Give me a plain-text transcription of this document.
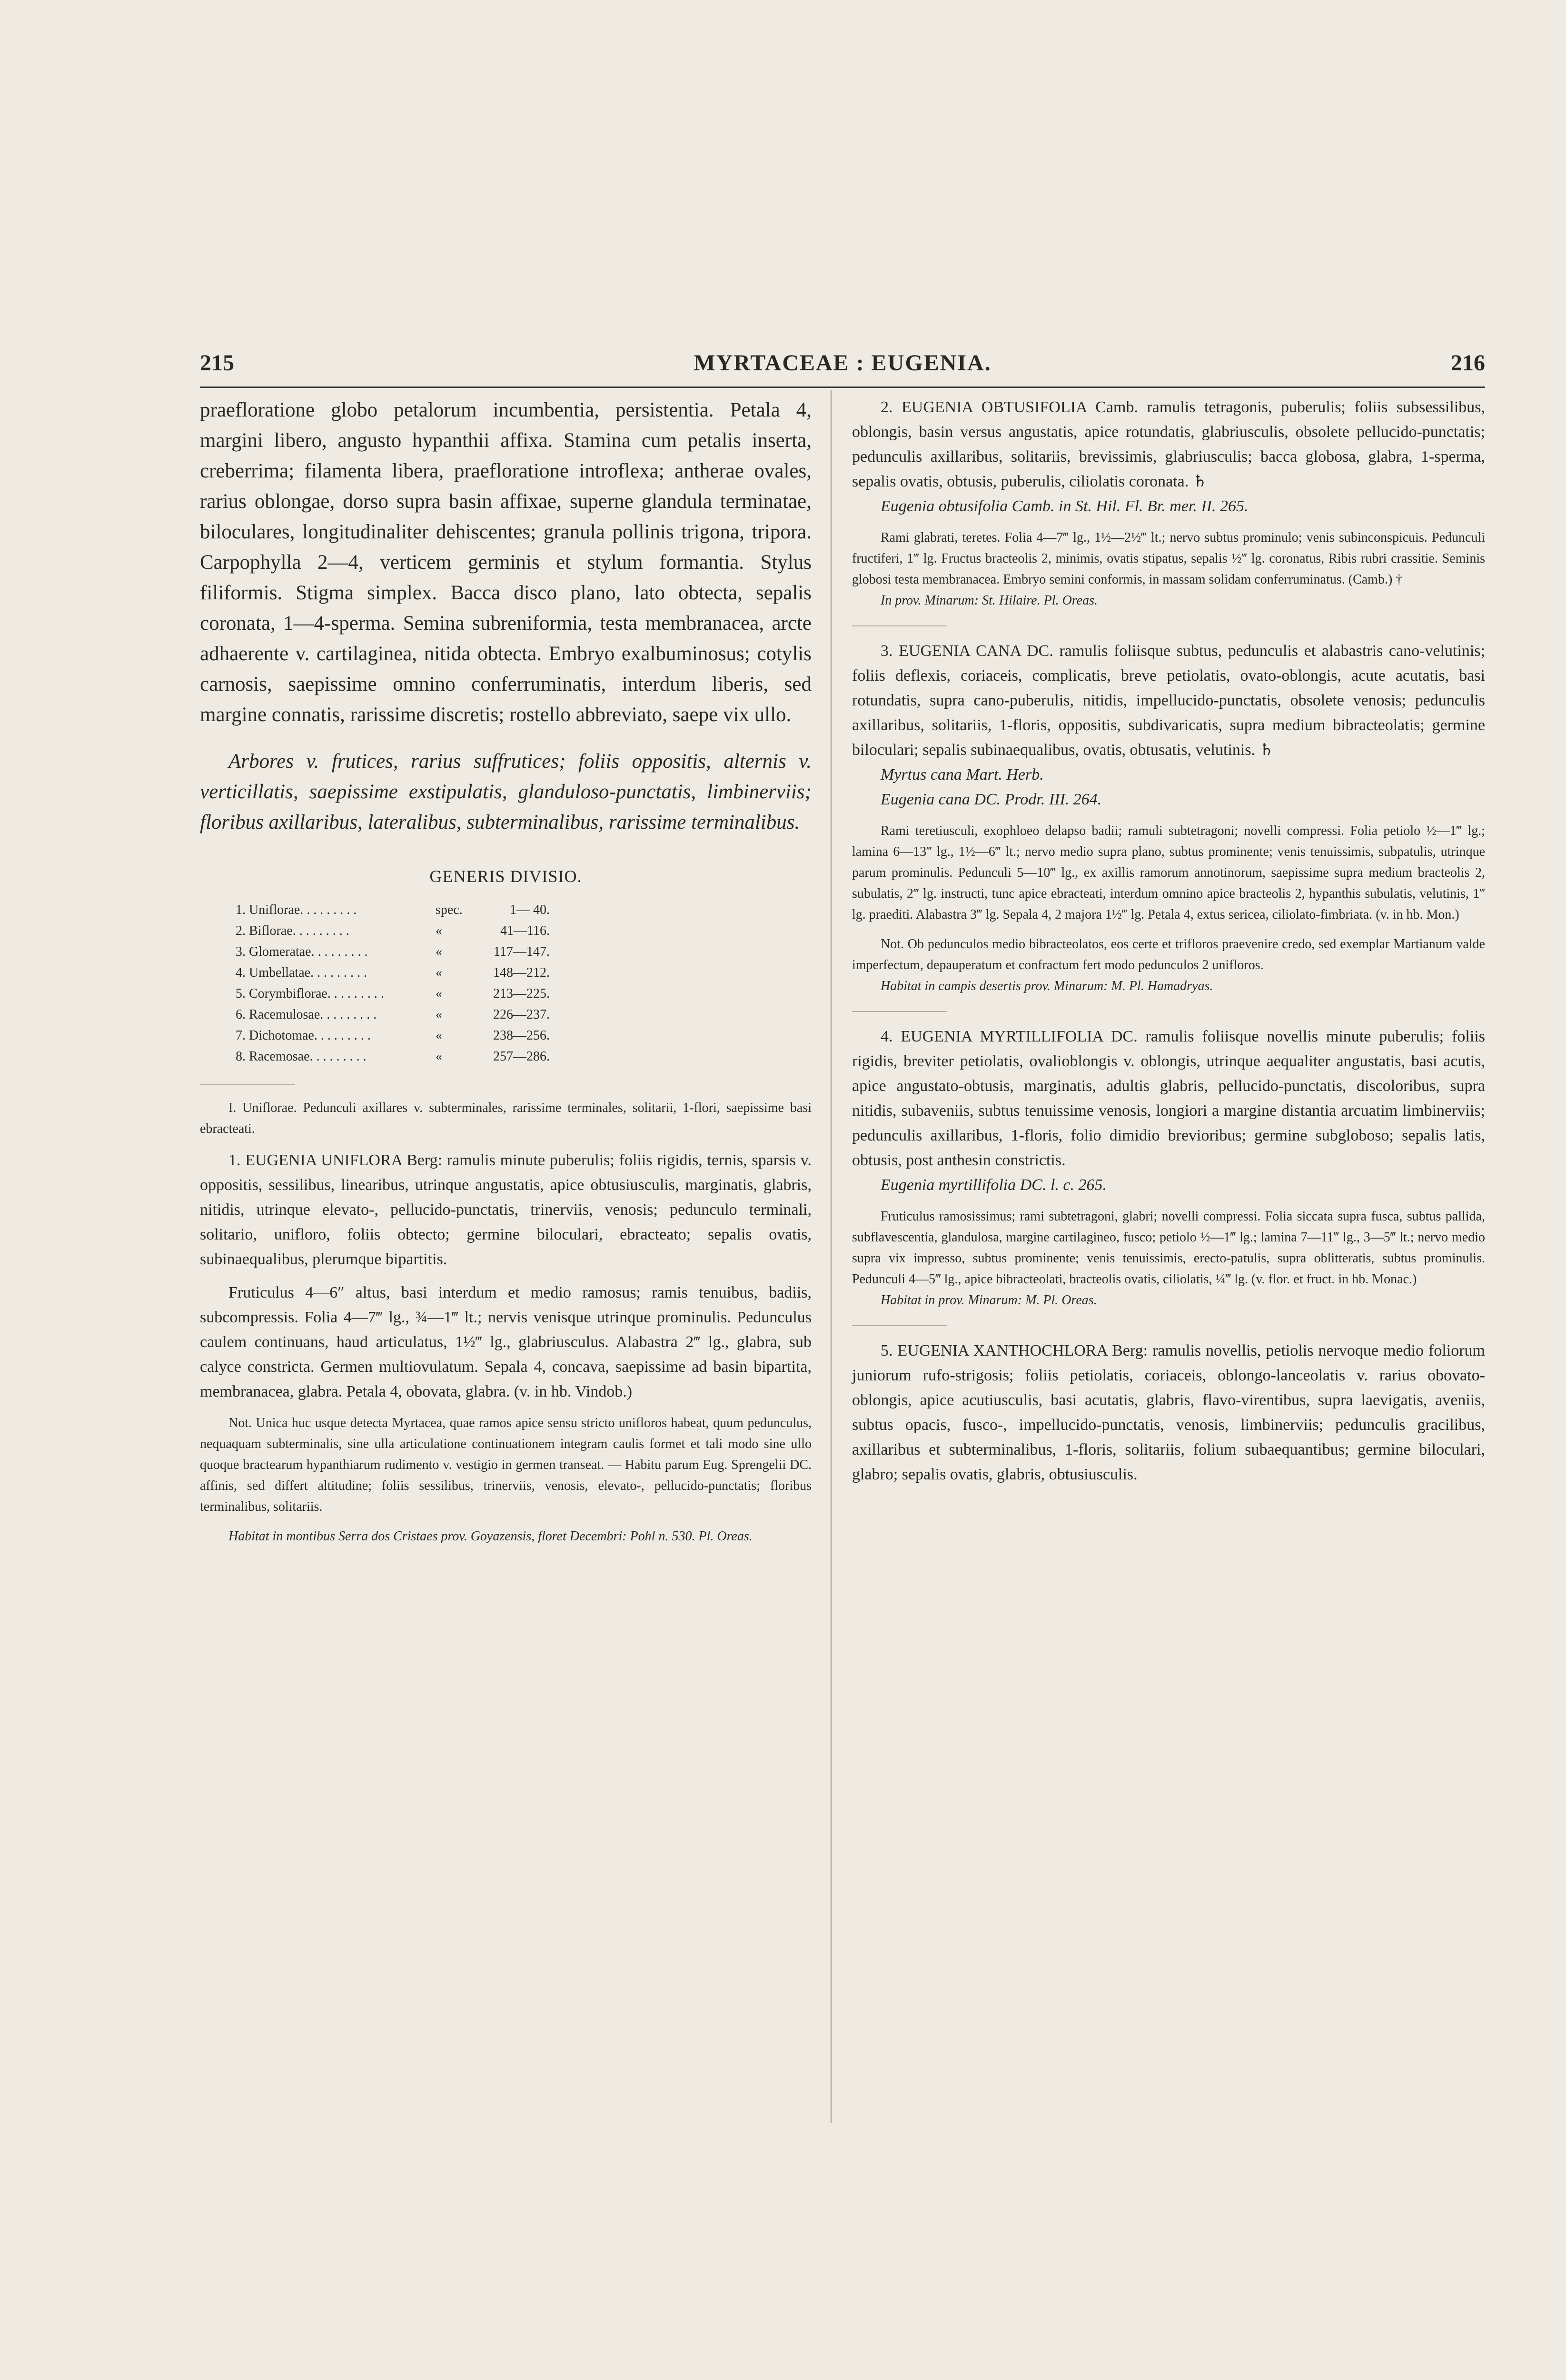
215	MYRTACEAE : EUGENIA.	216

praefloratione globo petalorum incumbentia, persistentia. Petala 4, margini libero, angusto hypanthii affixa. Stamina cum petalis inserta, creberrima; filamenta libera, praefloratione introflexa; antherae ovales, rarius oblongae, dorso supra basin affixae, superne glandula terminatae, biloculares, longitudinaliter dehiscentes; granula pollinis trigona, tripora. Carpophylla 2—4, verticem germinis et stylum formantia. Stylus filiformis. Stigma simplex. Bacca disco plano, lato obtecta, sepalis coronata, 1—4-sperma. Semina subreniformia, testa membranacea, arcte adhaerente v. cartilaginea, nitida obtecta. Embryo exalbuminosus; cotylis carnosis, saepissime omnino conferruminatis, interdum liberis, sed margine connatis, rarissime discretis; rostello abbreviato, saepe vix ullo.

Arbores v. frutices, rarius suffrutices; foliis oppositis, alternis v. verticillatis, saepissime exstipulatis, glanduloso-punctatis, limbinerviis; floribus axillaribus, lateralibus, subterminalibus, rarissime terminalibus.

GENERIS DIVISIO.
1. Uniflorae. . . . . . . . .	spec.	1— 40.
2. Biflorae. . . . . . . . .	«	41—116.
3. Glomeratae. . . . . . . . .	«	117—147.
4. Umbellatae. . . . . . . . .	«	148—212.
5. Corymbiflorae. . . . . . . . .	«	213—225.
6. Racemulosae. . . . . . . . .	«	226—237.
7. Dichotomae. . . . . . . . .	«	238—256.
8. Racemosae. . . . . . . . .	«	257—286.

I. Uniflorae. Pedunculi axillares v. subterminales, rarissime terminales, solitarii, 1-flori, saepissime basi ebracteati.

1. EUGENIA UNIFLORA Berg: ramulis minute puberulis; foliis rigidis, ternis, sparsis v. oppositis, sessilibus, linearibus, utrinque angustatis, apice obtusiusculis, marginatis, glabris, nitidis, utrinque elevato-, pellucido-punctatis, trinerviis, venosis; pedunculo terminali, solitario, unifloro, foliis obtecto; germine biloculari, ebracteato; sepalis ovatis, subinaequalibus, plerumque bipartitis.

Fruticulus 4—6″ altus, basi interdum et medio ramosus; ramis tenuibus, badiis, subcompressis. Folia 4—7‴ lg., ¾—1‴ lt.; nervis venisque utrinque prominulis. Pedunculus caulem continuans, haud articulatus, 1½‴ lg., glabriusculus. Alabastra 2‴ lg., glabra, sub calyce constricta. Germen multiovulatum. Sepala 4, concava, saepissime ad basin bipartita, membranacea, glabra. Petala 4, obovata, glabra. (v. in hb. Vindob.)

Not. Unica huc usque detecta Myrtacea, quae ramos apice sensu stricto unifloros habeat, quum pedunculus, nequaquam subterminalis, sine ulla articulatione continuationem integram caulis formet et tali modo sine ullo quoque bractearum hypanthiarum rudimento v. vestigio in germen transeat. — Habitu parum Eug. Sprengelii DC. affinis, sed differt altitudine; foliis sessilibus, trinerviis, venosis, elevato-, pellucido-punctatis; floribus terminalibus, solitariis.

Habitat in montibus Serra dos Cristaes prov. Goyazensis, floret Decembri: Pohl n. 530. Pl. Oreas.

2. EUGENIA OBTUSIFOLIA Camb. ramulis tetragonis, puberulis; foliis subsessilibus, oblongis, basin versus angustatis, apice rotundatis, glabriusculis, obsolete pellucido-punctatis; pedunculis axillaribus, solitariis, brevissimis, glabriusculis; bacca globosa, glabra, 1-sperma, sepalis ovatis, obtusis, puberulis, ciliolatis coronata. ♄

Eugenia obtusifolia Camb. in St. Hil. Fl. Br. mer. II. 265.

Rami glabrati, teretes. Folia 4—7‴ lg., 1½—2½‴ lt.; nervo subtus prominulo; venis subinconspicuis. Pedunculi fructiferi, 1‴ lg. Fructus bracteolis 2, minimis, ovatis stipatus, sepalis ½‴ lg. coronatus, Ribis rubri crassitie. Seminis globosi testa membranacea. Embryo semini conformis, in massam solidam conferruminatus. (Camb.) †

In prov. Minarum: St. Hilaire. Pl. Oreas.

3. EUGENIA CANA DC. ramulis foliisque subtus, pedunculis et alabastris cano-velutinis; foliis deflexis, coriaceis, complicatis, breve petiolatis, ovato-oblongis, acute acutatis, basi rotundatis, supra cano-puberulis, nitidis, impellucido-punctatis, obsolete venosis; pedunculis axillaribus, solitariis, 1-floris, oppositis, subdivaricatis, supra medium bibracteolatis; germine biloculari; sepalis subinaequalibus, ovatis, obtusatis, velutinis. ♄

Myrtus cana Mart. Herb.

Eugenia cana DC. Prodr. III. 264.

Rami teretiusculi, exophloeo delapso badii; ramuli subtetragoni; novelli compressi. Folia petiolo ½—1‴ lg.; lamina 6—13‴ lg., 1½—6‴ lt.; nervo medio supra plano, subtus prominente; venis tenuissimis, subpatulis, utrinque parum prominulis. Pedunculi 5—10‴ lg., ex axillis ramorum annotinorum, saepissime supra medium bracteolis 2, subulatis, 2‴ lg. instructi, tunc apice ebracteati, interdum omnino apice bracteolis 2, hypanthis subulatis, velutinis, 1‴ lg. praediti. Alabastra 3‴ lg. Sepala 4, 2 majora 1½‴ lg. Petala 4, extus sericea, ciliolato-fimbriata. (v. in hb. Mon.)

Not. Ob pedunculos medio bibracteolatos, eos certe et trifloros praevenire credo, sed exemplar Martianum valde imperfectum, depauperatum et confractum fert modo pedunculos 2 unifloros.

Habitat in campis desertis prov. Minarum: M. Pl. Hamadryas.

4. EUGENIA MYRTILLIFOLIA DC. ramulis foliisque novellis minute puberulis; foliis rigidis, breviter petiolatis, ovalioblongis v. oblongis, utrinque aequaliter angustatis, basi acutis, apice angustato-obtusis, marginatis, adultis glabris, pellucido-punctatis, discoloribus, supra nitidis, subaveniis, subtus tenuissime venosis, longiori a margine distantia arcuatim limbinerviis; pedunculis axillaribus, 1-floris, folio dimidio brevioribus; germine subgloboso; sepalis latis, obtusis, post anthesin constrictis.

Eugenia myrtillifolia DC. l. c. 265.

Fruticulus ramosissimus; rami subtetragoni, glabri; novelli compressi. Folia siccata supra fusca, subtus pallida, subflavescentia, glandulosa, margine cartilagineo, fusco; petiolo ½—1‴ lg.; lamina 7—11‴ lg., 3—5‴ lt.; nervo medio supra vix impresso, subtus prominente; venis tenuissimis, erecto-patulis, supra oblitteratis, subtus prominulis. Pedunculi 4—5‴ lg., apice bibracteolati, bracteolis ovatis, ciliolatis, ¼‴ lg. (v. flor. et fruct. in hb. Monac.)

Habitat in prov. Minarum: M. Pl. Oreas.

5. EUGENIA XANTHOCHLORA Berg: ramulis novellis, petiolis nervoque medio foliorum juniorum rufo-strigosis; foliis petiolatis, coriaceis, oblongo-lanceolatis v. rarius obovato-oblongis, apice acutiusculis, basi acutatis, glabris, flavo-virentibus, supra laevigatis, aveniis, subtus opacis, fusco-, impellucido-punctatis, venosis, limbinerviis; pedunculis gracilibus, axillaribus et subterminalibus, 1-floris, solitariis, folium subaequantibus; germine biloculari, glabro; sepalis ovatis, glabris, obtusiusculis.
